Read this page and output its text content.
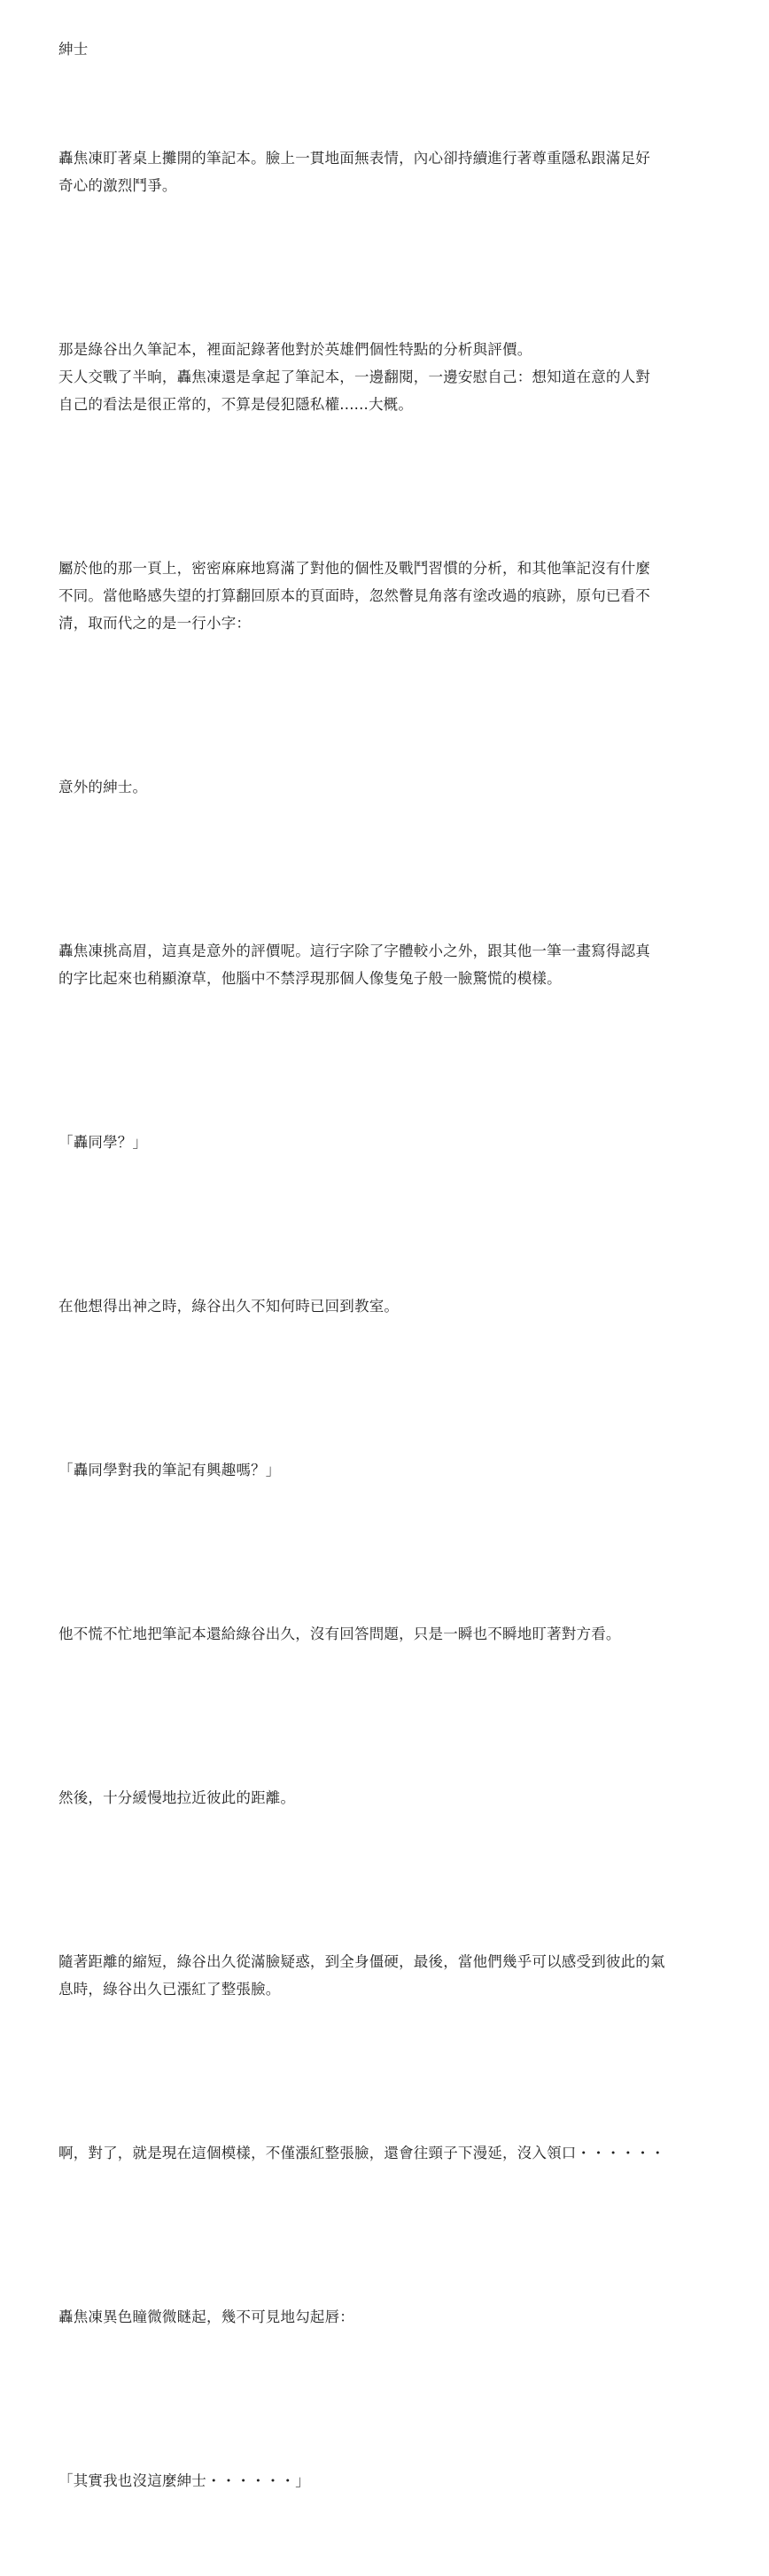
紳士

轟焦凍盯著桌上攤開的筆記本。臉上一貫地面無表情，內心卻持續進行著尊重隱私跟滿足好
奇心的激烈鬥爭。

那是綠谷出久筆記本，裡面記錄著他對於英雄們個性特點的分析與評價。
天人交戰了半晌，轟焦凍還是拿起了筆記本，一邊翻閱，一邊安慰自己：想知道在意的人對
自己的看法是很正常的，不算是侵犯隱私權......大概。

屬於他的那一頁上，密密麻麻地寫滿了對他的個性及戰鬥習慣的分析，和其他筆記沒有什麼
不同。當他略感失望的打算翻回原本的頁面時，忽然瞥見角落有塗改過的痕跡，原句已看不
清，取而代之的是一行小字：

意外的紳士。

轟焦凍挑高眉，這真是意外的評價呢。這行字除了字體較小之外，跟其他一筆一畫寫得認真
的字比起來也稍顯潦草，他腦中不禁浮現那個人像隻兔子般一臉驚慌的模樣。

「轟同學？」

在他想得出神之時，綠谷出久不知何時已回到教室。

「轟同學對我的筆記有興趣嗎？」

他不慌不忙地把筆記本還給綠谷出久，沒有回答問題，只是一瞬也不瞬地盯著對方看。

然後，十分緩慢地拉近彼此的距離。

隨著距離的縮短，綠谷出久從滿臉疑惑，到全身僵硬，最後，當他們幾乎可以感受到彼此的氣
息時，綠谷出久已漲紅了整張臉。

啊，對了，就是現在這個模樣，不僅漲紅整張臉，還會往頸子下漫延，沒入領口・・・・・・

轟焦凍異色瞳微微瞇起，幾不可見地勾起唇：

「其實我也沒這麼紳士・・・・・・」
